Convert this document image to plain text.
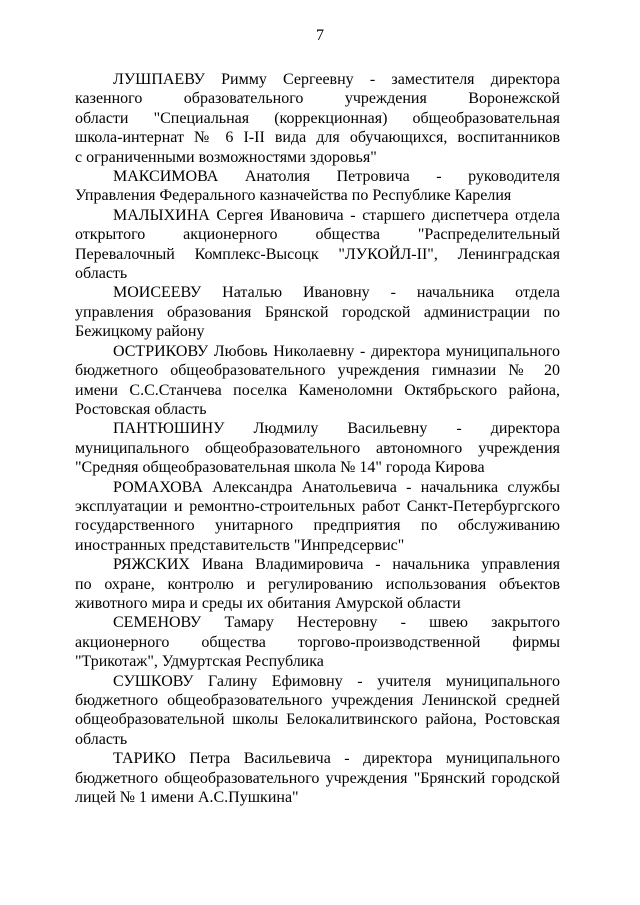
7

ЛУШПАЕВУ Римму Сергеевну - заместителя директора
казенного образовательного учреждения Воронежской
области "Специальная (коррекционная) общеобразовательная
школа-интернат № 6 I-II вида для обучающихся, воспитанников
с ограниченными возможностями здоровья"

МАКСИМОВА Анатолия Петровича - руководителя
Управления Федерального казначейства по Республике Карелия

МАЛЫХИНА Сергея Ивановича - старшего диспетчера отдела
открытого акционерного общества "Распределительный
Перевалочный Комплекс-Высоцк "ЛУКОЙЛ-II", Ленинградская
область

МОИСЕЕВУ Наталью Ивановну - начальника отдела
управления образования Брянской городской администрации по
Бежицкому району

ОСТРИКОВУ Любовь Николаевну - директора муниципального
бюджетного общеобразовательного учреждения гимназии № 20
имени С.С.Станчева поселка Каменоломни Октябрьского района,
Ростовская область

ПАНТЮШИНУ Людмилу Васильевну - директора
муниципального общеобразовательного автономного учреждения
"Средняя общеобразовательная школа № 14" города Кирова

РОМАХОВА Александра Анатольевича - начальника службы
эксплуатации и ремонтно-строительных работ Санкт-Петербургского
государственного унитарного предприятия по обслуживанию
иностранных представительств "Инпредсервис"

РЯЖСКИХ Ивана Владимировича - начальника управления
по охране, контролю и регулированию использования объектов
животного мира и среды их обитания Амурской области

СЕМЕНОВУ Тамару Нестеровну - швею закрытого
акционерного общества торгово-производственной фирмы
"Трикотаж", Удмуртская Республика

СУШКОВУ Галину Ефимовну - учителя муниципального
бюджетного общеобразовательного учреждения Ленинской средней
общеобразовательной школы Белокалитвинского района, Ростовская
область

ТАРИКО Петра Васильевича - директора муниципального
бюджетного общеобразовательного учреждения "Брянский городской
лицей № 1 имени А.С.Пушкина"
